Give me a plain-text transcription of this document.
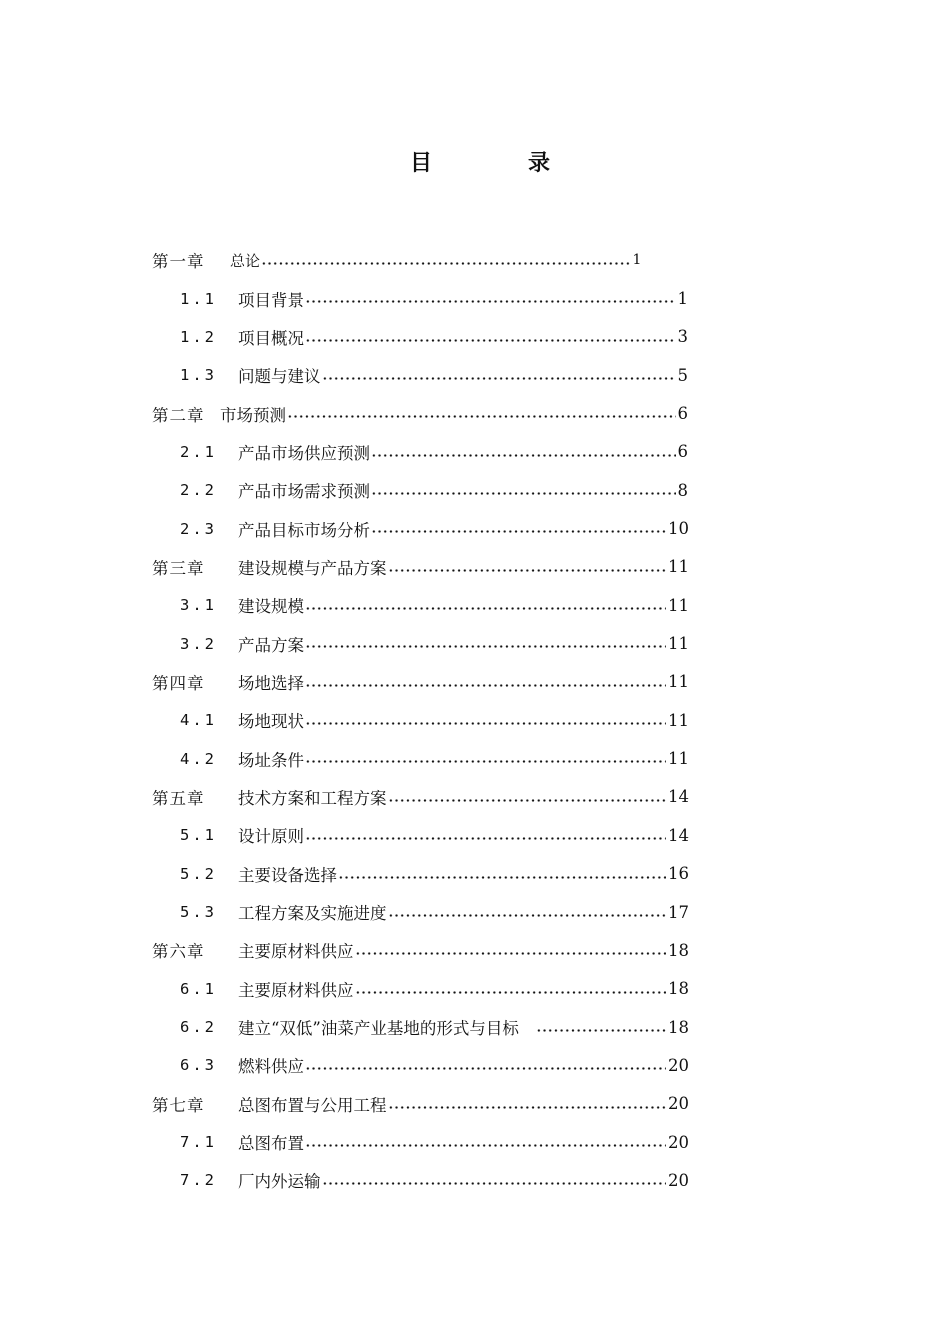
目	录
第一章 总论	1
1.1 项目背景	1
1.2 项目概况	3
1.3 问题与建议	5
第二章 市场预测	6
2.1 产品市场供应预测	6
2.2 产品市场需求预测	8
2.3 产品目标市场分析	10
第三章 建设规模与产品方案	11
3.1 建设规模	11
3.2 产品方案	11
第四章 场地选择	11
4.1 场地现状	11
4.2 场址条件	11
第五章 技术方案和工程方案	14
5.1 设计原则	14
5.2 主要设备选择	16
5.3 工程方案及实施进度	17
第六章 主要原材料供应	18
6.1 主要原材料供应	18
6.2 建立“双低”油菜产业基地的形式与目标	18
6.3 燃料供应	20
第七章 总图布置与公用工程	20
7.1 总图布置	20
7.2 厂内外运输	20
